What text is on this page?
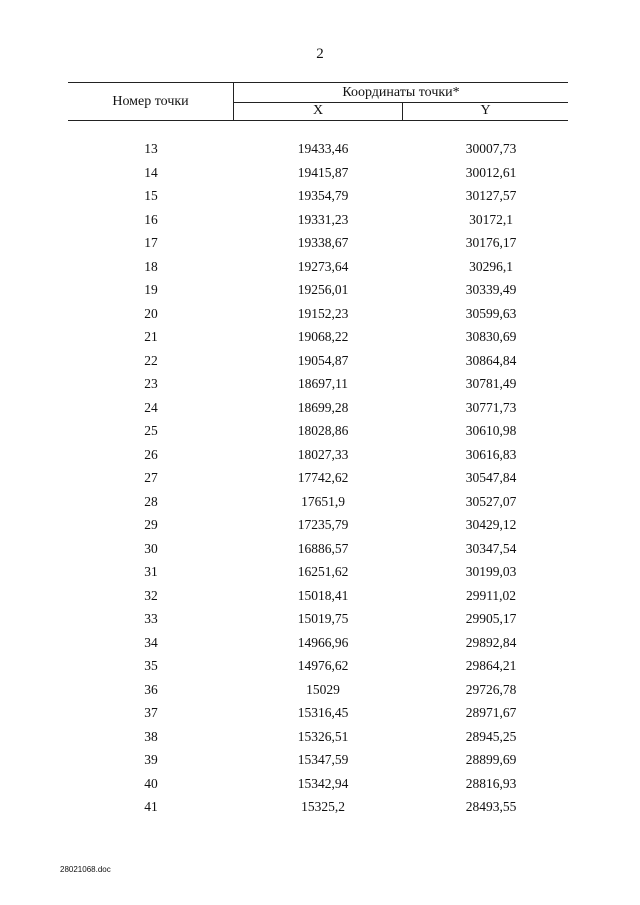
2
Номер точки
Координаты точки*
X	Y
13	19433,46	30007,73
14	19415,87	30012,61
15	19354,79	30127,57
16	19331,23	30172,1
17	19338,67	30176,17
18	19273,64	30296,1
19	19256,01	30339,49
20	19152,23	30599,63
21	19068,22	30830,69
22	19054,87	30864,84
23	18697,11	30781,49
24	18699,28	30771,73
25	18028,86	30610,98
26	18027,33	30616,83
27	17742,62	30547,84
28	17651,9	30527,07
29	17235,79	30429,12
30	16886,57	30347,54
31	16251,62	30199,03
32	15018,41	29911,02
33	15019,75	29905,17
34	14966,96	29892,84
35	14976,62	29864,21
36	15029	29726,78
37	15316,45	28971,67
38	15326,51	28945,25
39	15347,59	28899,69
40	15342,94	28816,93
41	15325,2	28493,55
28021068.doc
